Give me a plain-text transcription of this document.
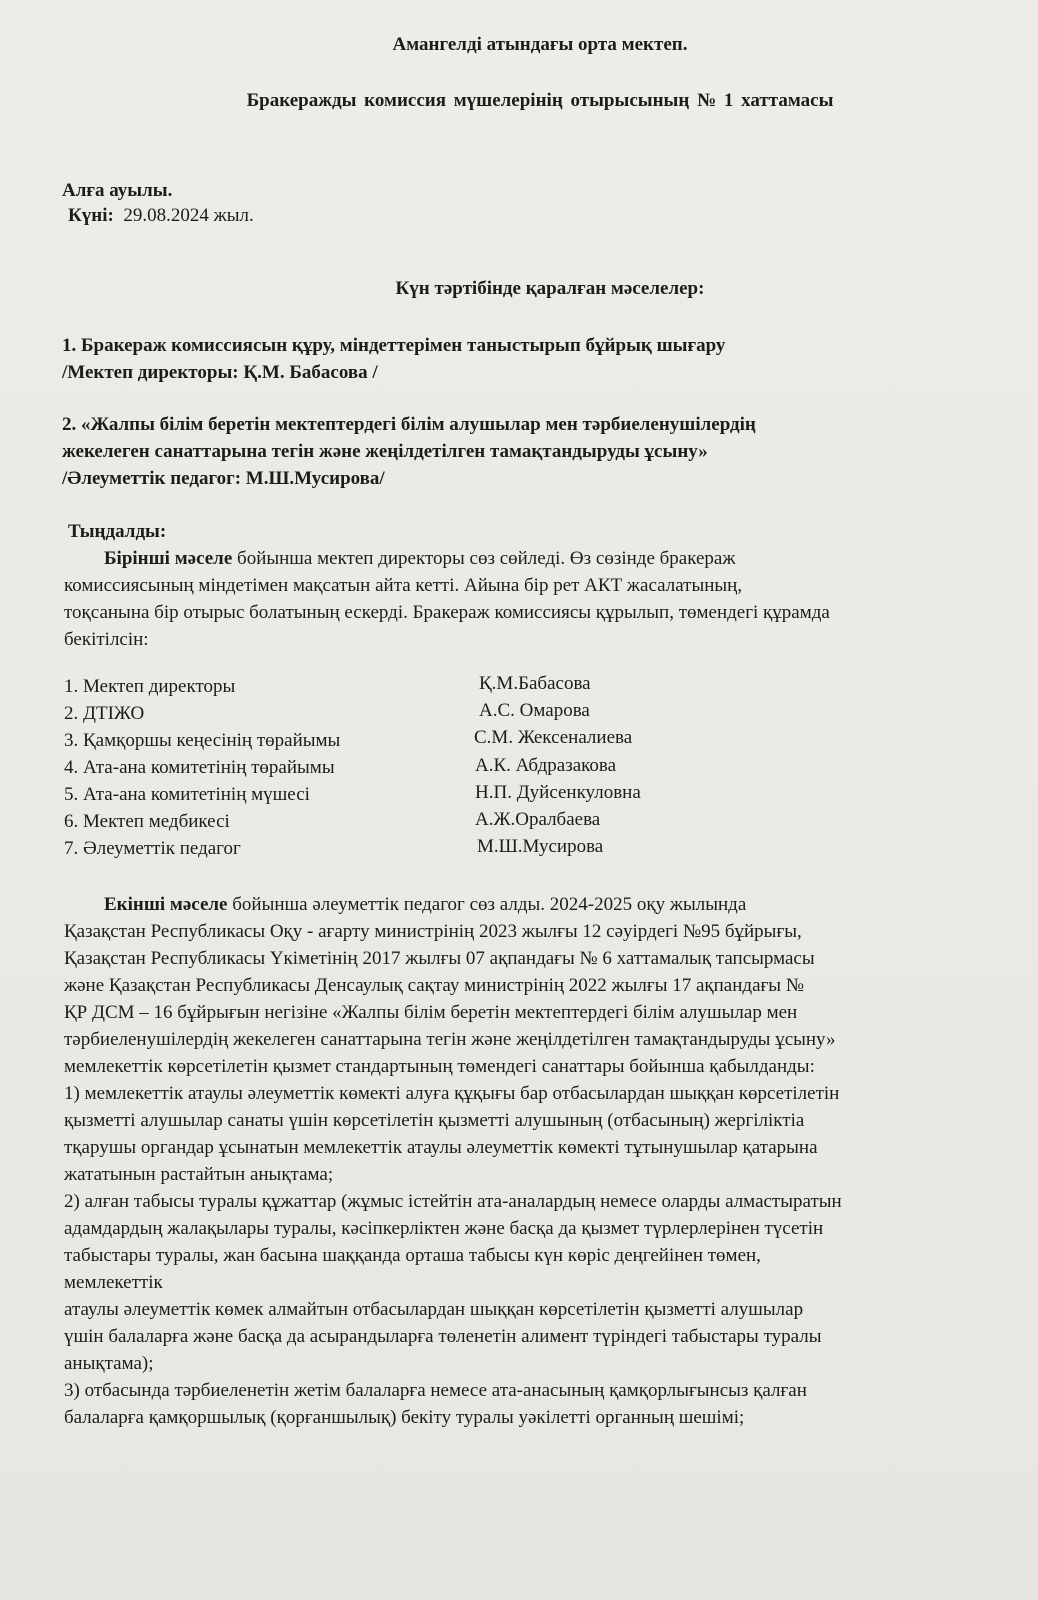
Амангелді атындағы орта мектеп.
Бракеражды комиссия мүшелерінің отырысының № 1 хаттамасы
Алға ауылы.
Күні: 29.08.2024 жыл.
Күн тәртібінде қаралған мәселелер:
1. Бракераж комиссиясын құру, міндеттерімен таныстырып бұйрық шығару
/Мектеп директоры: Қ.М. Бабасова /
2. «Жалпы білім беретін мектептердегі білім алушылар мен тәрбиеленушілердің
жекелеген санаттарына тегін және жеңілдетілген тамақтандыруды ұсыну»
/Әлеуметтік педагог: М.Ш.Мусирова/
Тыңдалды:
Бірінші мәселе бойынша мектеп директоры сөз сөйледі. Өз сөзінде бракераж
комиссиясының міндетімен мақсатын айта кетті. Айына бір рет АКТ жасалатының,
тоқсанына бір отырыс болатының ескерді. Бракераж комиссиясы құрылып, төмендегі құрамда
бекітілсін:
1. Мектеп директоры	Қ.М.Бабасова
2. ДТІЖО	А.С. Омарова
3. Қамқоршы кеңесінің төрайымы	С.М. Жексеналиева
4. Ата-ана комитетінің төрайымы	А.К. Абдразакова
5. Ата-ана комитетінің мүшесі	Н.П. Дуйсенкуловна
6. Мектеп медбикесі	А.Ж.Оралбаева
7. Әлеуметтік педагог	М.Ш.Мусирова
Екінші мәселе бойынша әлеуметтік педагог сөз алды. 2024-2025 оқу жылында
Қазақстан Республикасы Оқу - ағарту министрінің 2023 жылғы 12 сәуірдегі №95 бұйрығы,
Қазақстан Республикасы Үкіметінің 2017 жылғы 07 ақпандағы № 6 хаттамалық тапсырмасы
және Қазақстан Республикасы Денсаулық сақтау министрінің 2022 жылғы 17 ақпандағы №
ҚР ДСМ – 16 бұйрығын негізіне «Жалпы білім беретін мектептердегі білім алушылар мен
тәрбиеленушілердің жекелеген санаттарына тегін және жеңілдетілген тамақтандыруды ұсыну»
мемлекеттік көрсетілетін қызмет стандартының төмендегі санаттары бойынша қабылданды:
1) мемлекеттік атаулы әлеуметтік көмекті алуға құқығы бар отбасылардан шыққан көрсетілетін
қызметті алушылар санаты үшін көрсетілетін қызметті алушының (отбасының) жергіліктіа
тқарушы органдар ұсынатын мемлекеттік атаулы әлеуметтік көмекті тұтынушылар қатарына
жататынын растайтын анықтама;
2) алған табысы туралы құжаттар (жұмыс істейтін ата-аналардың немесе оларды алмастыратын
адамдардың жалақылары туралы, кәсіпкерліктен және басқа да қызмет түрлерлерінен түсетін
табыстары туралы, жан басына шаққанда орташа табысы күн көріс деңгейінен төмен,
мемлекеттік
атаулы әлеуметтік көмек алмайтын отбасылардан шыққан көрсетілетін қызметті алушылар
үшін балаларға және басқа да асырандыларға төленетін алимент түріндегі табыстары туралы
анықтама);
3) отбасында тәрбиеленетін жетім балаларға немесе ата-анасының қамқорлығынсыз қалған
балаларға қамқоршылық (қорғаншылық) бекіту туралы уәкілетті органның шешімі;
